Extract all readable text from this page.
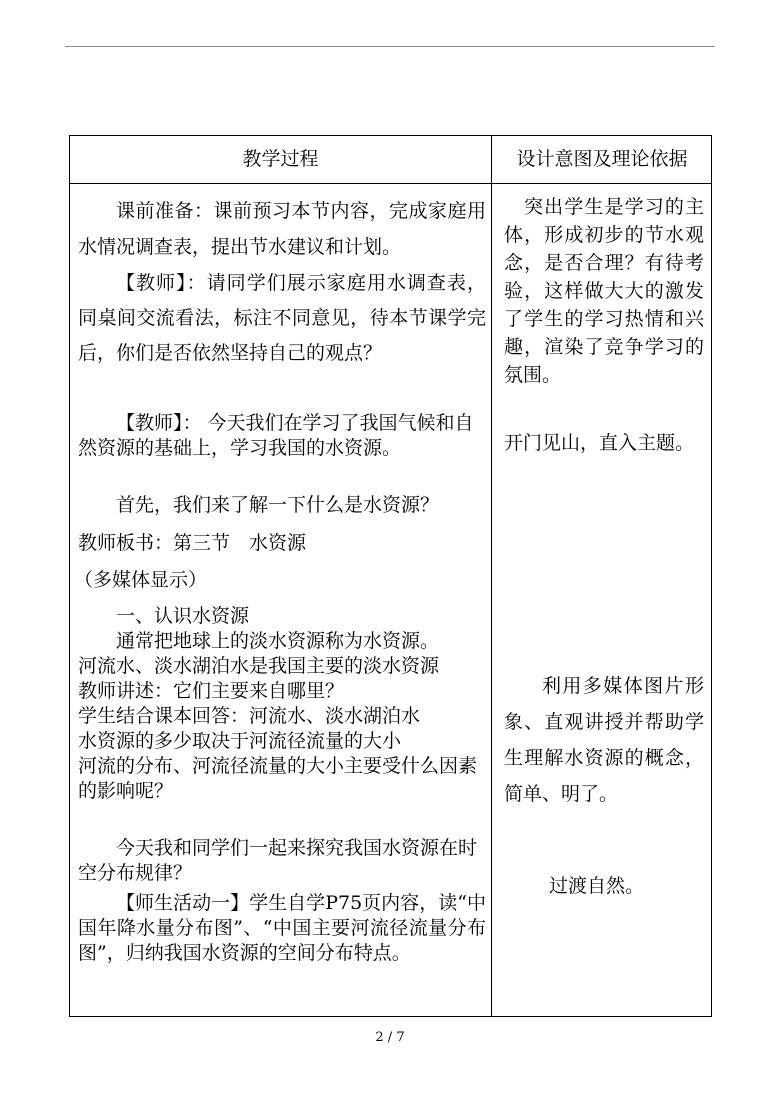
教学过程	设计意图及理论依据

课前准备：课前预习本节内容，完成家庭用水情况调查表，提出节水建议和计划。

【教师】：请同学们展示家庭用水调查表，同桌间交流看法，标注不同意见，待本节课学完后，你们是否依然坚持自己的观点？

【教师】： 今天我们在学习了我国气候和自然资源的基础上，学习我国的水资源。

首先，我们来了解一下什么是水资源？

教师板书：第三节　水资源

（多媒体显示）

一、认识水资源

通常把地球上的淡水资源称为水资源。

河流水、淡水湖泊水是我国主要的淡水资源

教师讲述：它们主要来自哪里？

学生结合课本回答：河流水、淡水湖泊水

水资源的多少取决于河流径流量的大小

河流的分布、河流径流量的大小主要受什么因素的影响呢？

今天我和同学们一起来探究我国水资源在时空分布规律？

【师生活动一】学生自学P75页内容，读“中国年降水量分布图”、“中国主要河流径流量分布图”，归纳我国水资源的空间分布特点。

突出学生是学习的主体，形成初步的节水观念，是否合理？有待考验，这样做大大的激发了学生的学习热情和兴趣，渲染了竞争学习的氛围。

开门见山，直入主题。

利用多媒体图片形象、直观讲授并帮助学生理解水资源的概念，简单、明了。

过渡自然。

2 / 7
